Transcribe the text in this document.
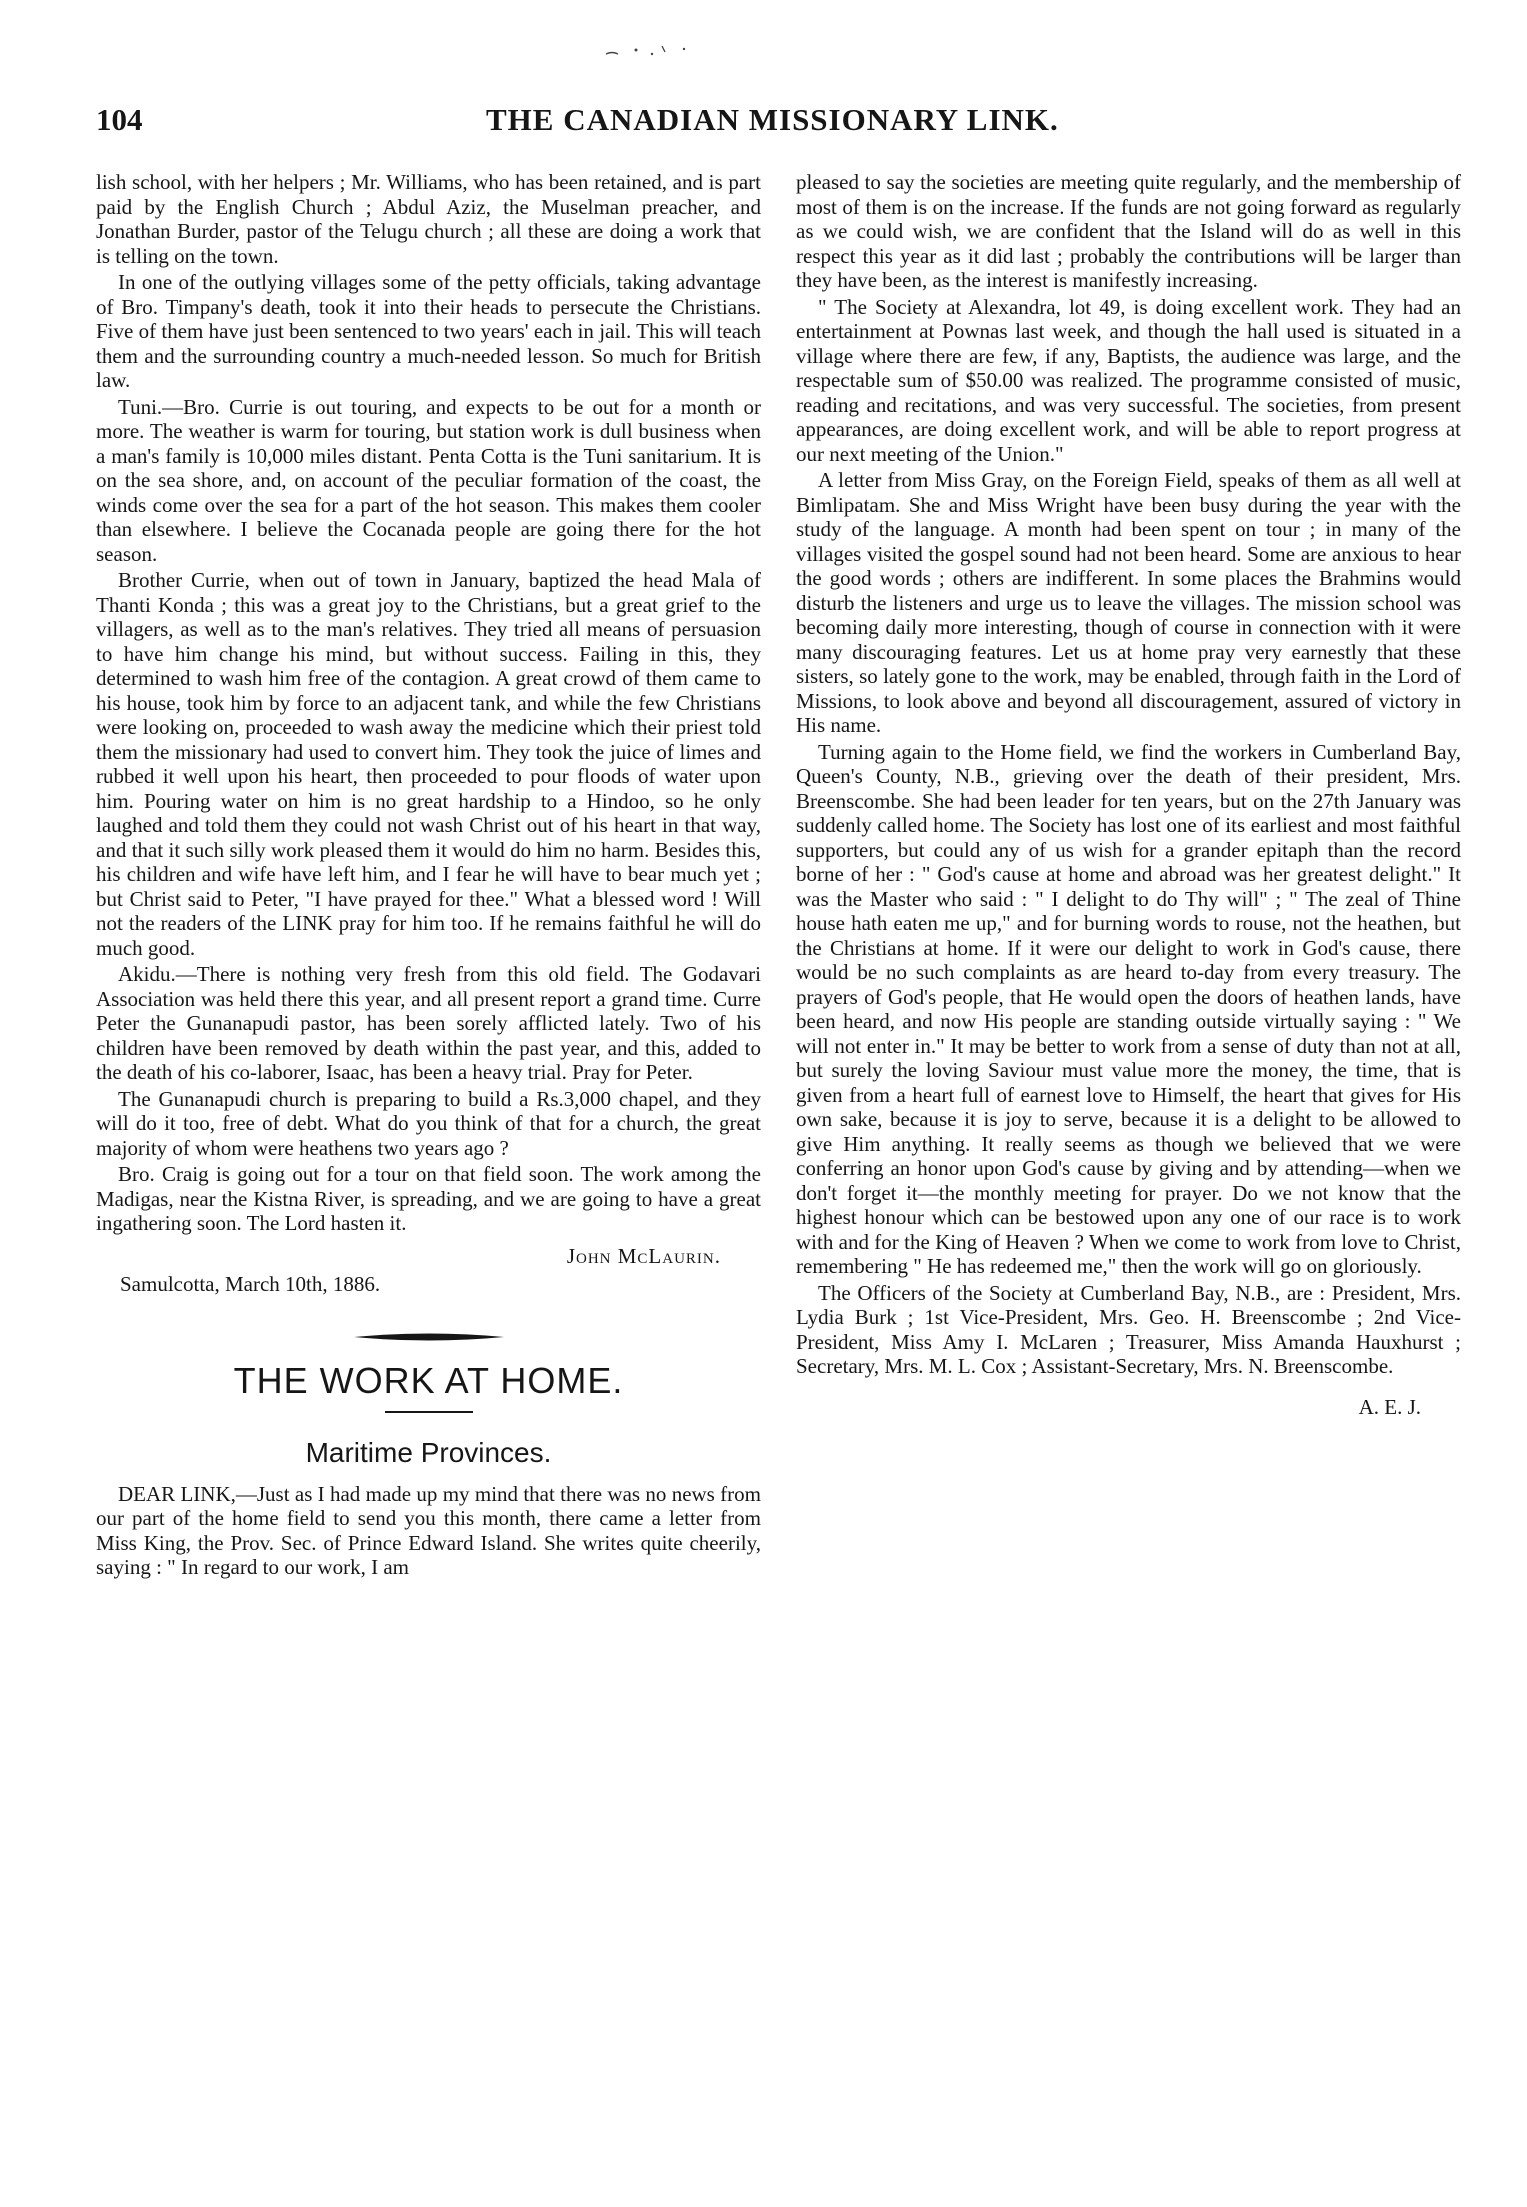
104	THE CANADIAN MISSIONARY LINK.

lish school, with her helpers ; Mr. Williams, who has been retained, and is part paid by the English Church ; Abdul Aziz, the Muselman preacher, and Jonathan Burder, pastor of the Telugu church ; all these are doing a work that is telling on the town.

In one of the outlying villages some of the petty officials, taking advantage of Bro. Timpany's death, took it into their heads to persecute the Christians. Five of them have just been sentenced to two years' each in jail. This will teach them and the surrounding country a much-needed lesson. So much for British law.

Tuni.—Bro. Currie is out touring, and expects to be out for a month or more. The weather is warm for touring, but station work is dull business when a man's family is 10,000 miles distant. Penta Cotta is the Tuni sanitarium. It is on the sea shore, and, on account of the peculiar formation of the coast, the winds come over the sea for a part of the hot season. This makes them cooler than elsewhere. I believe the Cocanada people are going there for the hot season.

Brother Currie, when out of town in January, baptized the head Mala of Thanti Konda ; this was a great joy to the Christians, but a great grief to the villagers, as well as to the man's relatives. They tried all means of persuasion to have him change his mind, but without success. Failing in this, they determined to wash him free of the contagion. A great crowd of them came to his house, took him by force to an adjacent tank, and while the few Christians were looking on, proceeded to wash away the medicine which their priest told them the missionary had used to convert him. They took the juice of limes and rubbed it well upon his heart, then proceeded to pour floods of water upon him. Pouring water on him is no great hardship to a Hindoo, so he only laughed and told them they could not wash Christ out of his heart in that way, and that it such silly work pleased them it would do him no harm. Besides this, his children and wife have left him, and I fear he will have to bear much yet ; but Christ said to Peter, "I have prayed for thee." What a blessed word ! Will not the readers of the LINK pray for him too. If he remains faithful he will do much good.

Akidu.—There is nothing very fresh from this old field. The Godavari Association was held there this year, and all present report a grand time. Curre Peter the Gunanapudi pastor, has been sorely afflicted lately. Two of his children have been removed by death within the past year, and this, added to the death of his co-laborer, Isaac, has been a heavy trial. Pray for Peter.

The Gunanapudi church is preparing to build a Rs.3,000 chapel, and they will do it too, free of debt. What do you think of that for a church, the great majority of whom were heathens two years ago ?

Bro. Craig is going out for a tour on that field soon. The work among the Madigas, near the Kistna River, is spreading, and we are going to have a great ingathering soon. The Lord hasten it.

John McLaurin.
Samulcotta, March 10th, 1886.
THE WORK AT HOME.
Maritime Provinces.

DEAR LINK,—Just as I had made up my mind that there was no news from our part of the home field to send you this month, there came a letter from Miss King, the Prov. Sec. of Prince Edward Island. She writes quite cheerily, saying : " In regard to our work, I am

pleased to say the societies are meeting quite regularly, and the membership of most of them is on the increase. If the funds are not going forward as regularly as we could wish, we are confident that the Island will do as well in this respect this year as it did last ; probably the contributions will be larger than they have been, as the interest is manifestly increasing.

" The Society at Alexandra, lot 49, is doing excellent work. They had an entertainment at Pownas last week, and though the hall used is situated in a village where there are few, if any, Baptists, the audience was large, and the respectable sum of $50.00 was realized. The programme consisted of music, reading and recitations, and was very successful. The societies, from present appearances, are doing excellent work, and will be able to report progress at our next meeting of the Union."

A letter from Miss Gray, on the Foreign Field, speaks of them as all well at Bimlipatam. She and Miss Wright have been busy during the year with the study of the language. A month had been spent on tour ; in many of the villages visited the gospel sound had not been heard. Some are anxious to hear the good words ; others are indifferent. In some places the Brahmins would disturb the listeners and urge us to leave the villages. The mission school was becoming daily more interesting, though of course in connection with it were many discouraging features. Let us at home pray very earnestly that these sisters, so lately gone to the work, may be enabled, through faith in the Lord of Missions, to look above and beyond all discouragement, assured of victory in His name.

Turning again to the Home field, we find the workers in Cumberland Bay, Queen's County, N.B., grieving over the death of their president, Mrs. Breenscombe. She had been leader for ten years, but on the 27th January was suddenly called home. The Society has lost one of its earliest and most faithful supporters, but could any of us wish for a grander epitaph than the record borne of her : " God's cause at home and abroad was her greatest delight." It was the Master who said : " I delight to do Thy will" ; " The zeal of Thine house hath eaten me up," and for burning words to rouse, not the heathen, but the Christians at home. If it were our delight to work in God's cause, there would be no such complaints as are heard to-day from every treasury. The prayers of God's people, that He would open the doors of heathen lands, have been heard, and now His people are standing outside virtually saying : " We will not enter in." It may be better to work from a sense of duty than not at all, but surely the loving Saviour must value more the money, the time, that is given from a heart full of earnest love to Himself, the heart that gives for His own sake, because it is joy to serve, because it is a delight to be allowed to give Him anything. It really seems as though we believed that we were conferring an honor upon God's cause by giving and by attending—when we don't forget it—the monthly meeting for prayer. Do we not know that the highest honour which can be bestowed upon any one of our race is to work with and for the King of Heaven ? When we come to work from love to Christ, remembering " He has redeemed me," then the work will go on gloriously.

The Officers of the Society at Cumberland Bay, N.B., are : President, Mrs. Lydia Burk ; 1st Vice-President, Mrs. Geo. H. Breenscombe ; 2nd Vice-President, Miss Amy I. McLaren ; Treasurer, Miss Amanda Hauxhurst ; Secretary, Mrs. M. L. Cox ; Assistant-Secretary, Mrs. N. Breenscombe.

A. E. J.
